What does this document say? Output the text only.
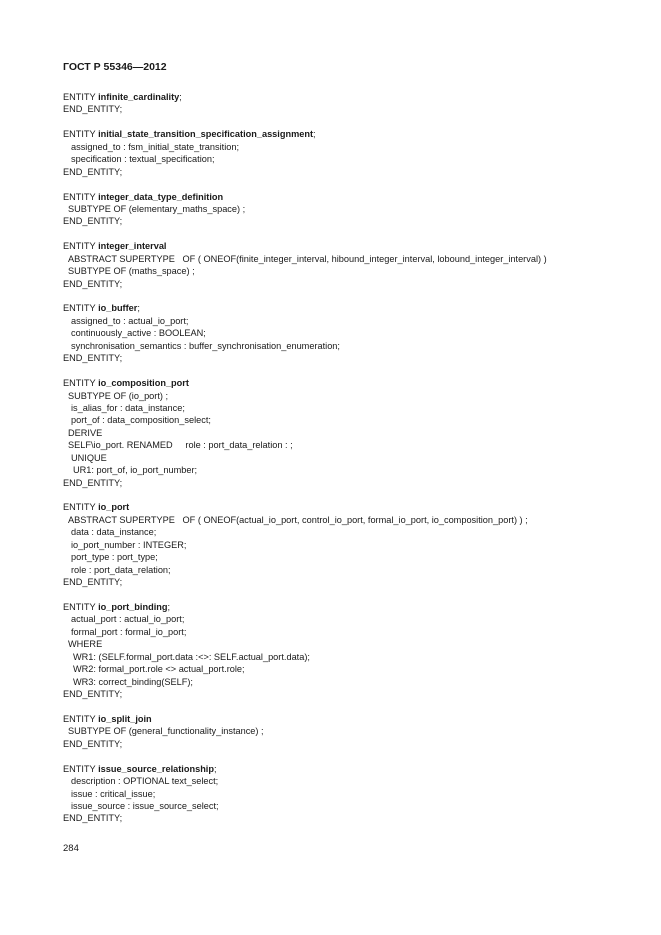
ГОСТ Р 55346—2012
ENTITY infinite_cardinality;
END_ENTITY;
ENTITY initial_state_transition_specification_assignment;
assigned_to : fsm_initial_state_transition;
specification : textual_specification;
END_ENTITY;
ENTITY integer_data_type_definition
SUBTYPE OF (elementary_maths_space) ;
END_ENTITY;
ENTITY integer_interval
ABSTRACT SUPERTYPE   OF ( ONEOF(finite_integer_interval, hibound_integer_interval, lobound_integer_interval) )
SUBTYPE OF (maths_space) ;
END_ENTITY;
ENTITY io_buffer;
assigned_to : actual_io_port;
continuously_active : BOOLEAN;
synchronisation_semantics : buffer_synchronisation_enumeration;
END_ENTITY;
ENTITY io_composition_port
SUBTYPE OF (io_port) ;
is_alias_for : data_instance;
port_of : data_composition_select;
DERIVE
SELF\io_port. RENAMED     role : port_data_relation : ;
UNIQUE
UR1: port_of, io_port_number;
END_ENTITY;
ENTITY io_port
ABSTRACT SUPERTYPE   OF ( ONEOF(actual_io_port, control_io_port, formal_io_port, io_composition_port) ) ;
data : data_instance;
io_port_number : INTEGER;
port_type : port_type;
role : port_data_relation;
END_ENTITY;
ENTITY io_port_binding;
actual_port : actual_io_port;
formal_port : formal_io_port;
WHERE
WR1: (SELF.formal_port.data :<>: SELF.actual_port.data);
WR2: formal_port.role <> actual_port.role;
WR3: correct_binding(SELF);
END_ENTITY;
ENTITY io_split_join
SUBTYPE OF (general_functionality_instance) ;
END_ENTITY;
ENTITY issue_source_relationship;
description : OPTIONAL text_select;
issue : critical_issue;
issue_source : issue_source_select;
END_ENTITY;
284
